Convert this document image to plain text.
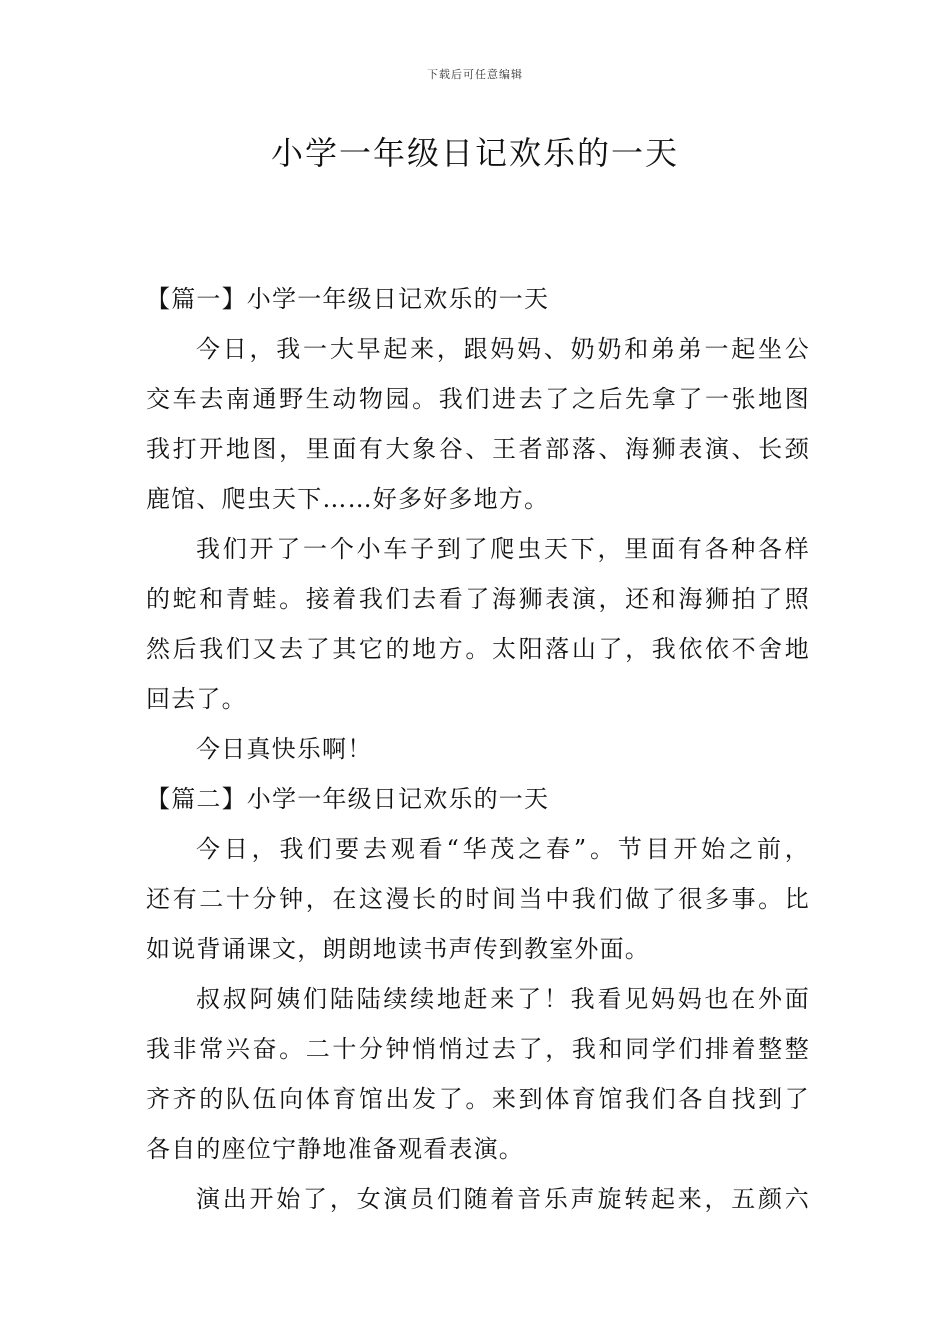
下载后可任意编辑
小学一年级日记欢乐的一天
【篇一】小学一年级日记欢乐的一天
今日，我一大早起来，跟妈妈、奶奶和弟弟一起坐公
交车去南通野生动物园。我们进去了之后先拿了一张地图
我打开地图，里面有大象谷、王者部落、海狮表演、长颈
鹿馆、爬虫天下……好多好多地方。
我们开了一个小车子到了爬虫天下，里面有各种各样
的蛇和青蛙。接着我们去看了海狮表演，还和海狮拍了照
然后我们又去了其它的地方。太阳落山了，我依依不舍地
回去了。
今日真快乐啊！
【篇二】小学一年级日记欢乐的一天
今日，我们要去观看“华茂之春”。节目开始之前，
还有二十分钟，在这漫长的时间当中我们做了很多事。比
如说背诵课文，朗朗地读书声传到教室外面。
叔叔阿姨们陆陆续续地赶来了！我看见妈妈也在外面
我非常兴奋。二十分钟悄悄过去了，我和同学们排着整整
齐齐的队伍向体育馆出发了。来到体育馆我们各自找到了
各自的座位宁静地准备观看表演。
演出开始了，女演员们随着音乐声旋转起来，五颜六
